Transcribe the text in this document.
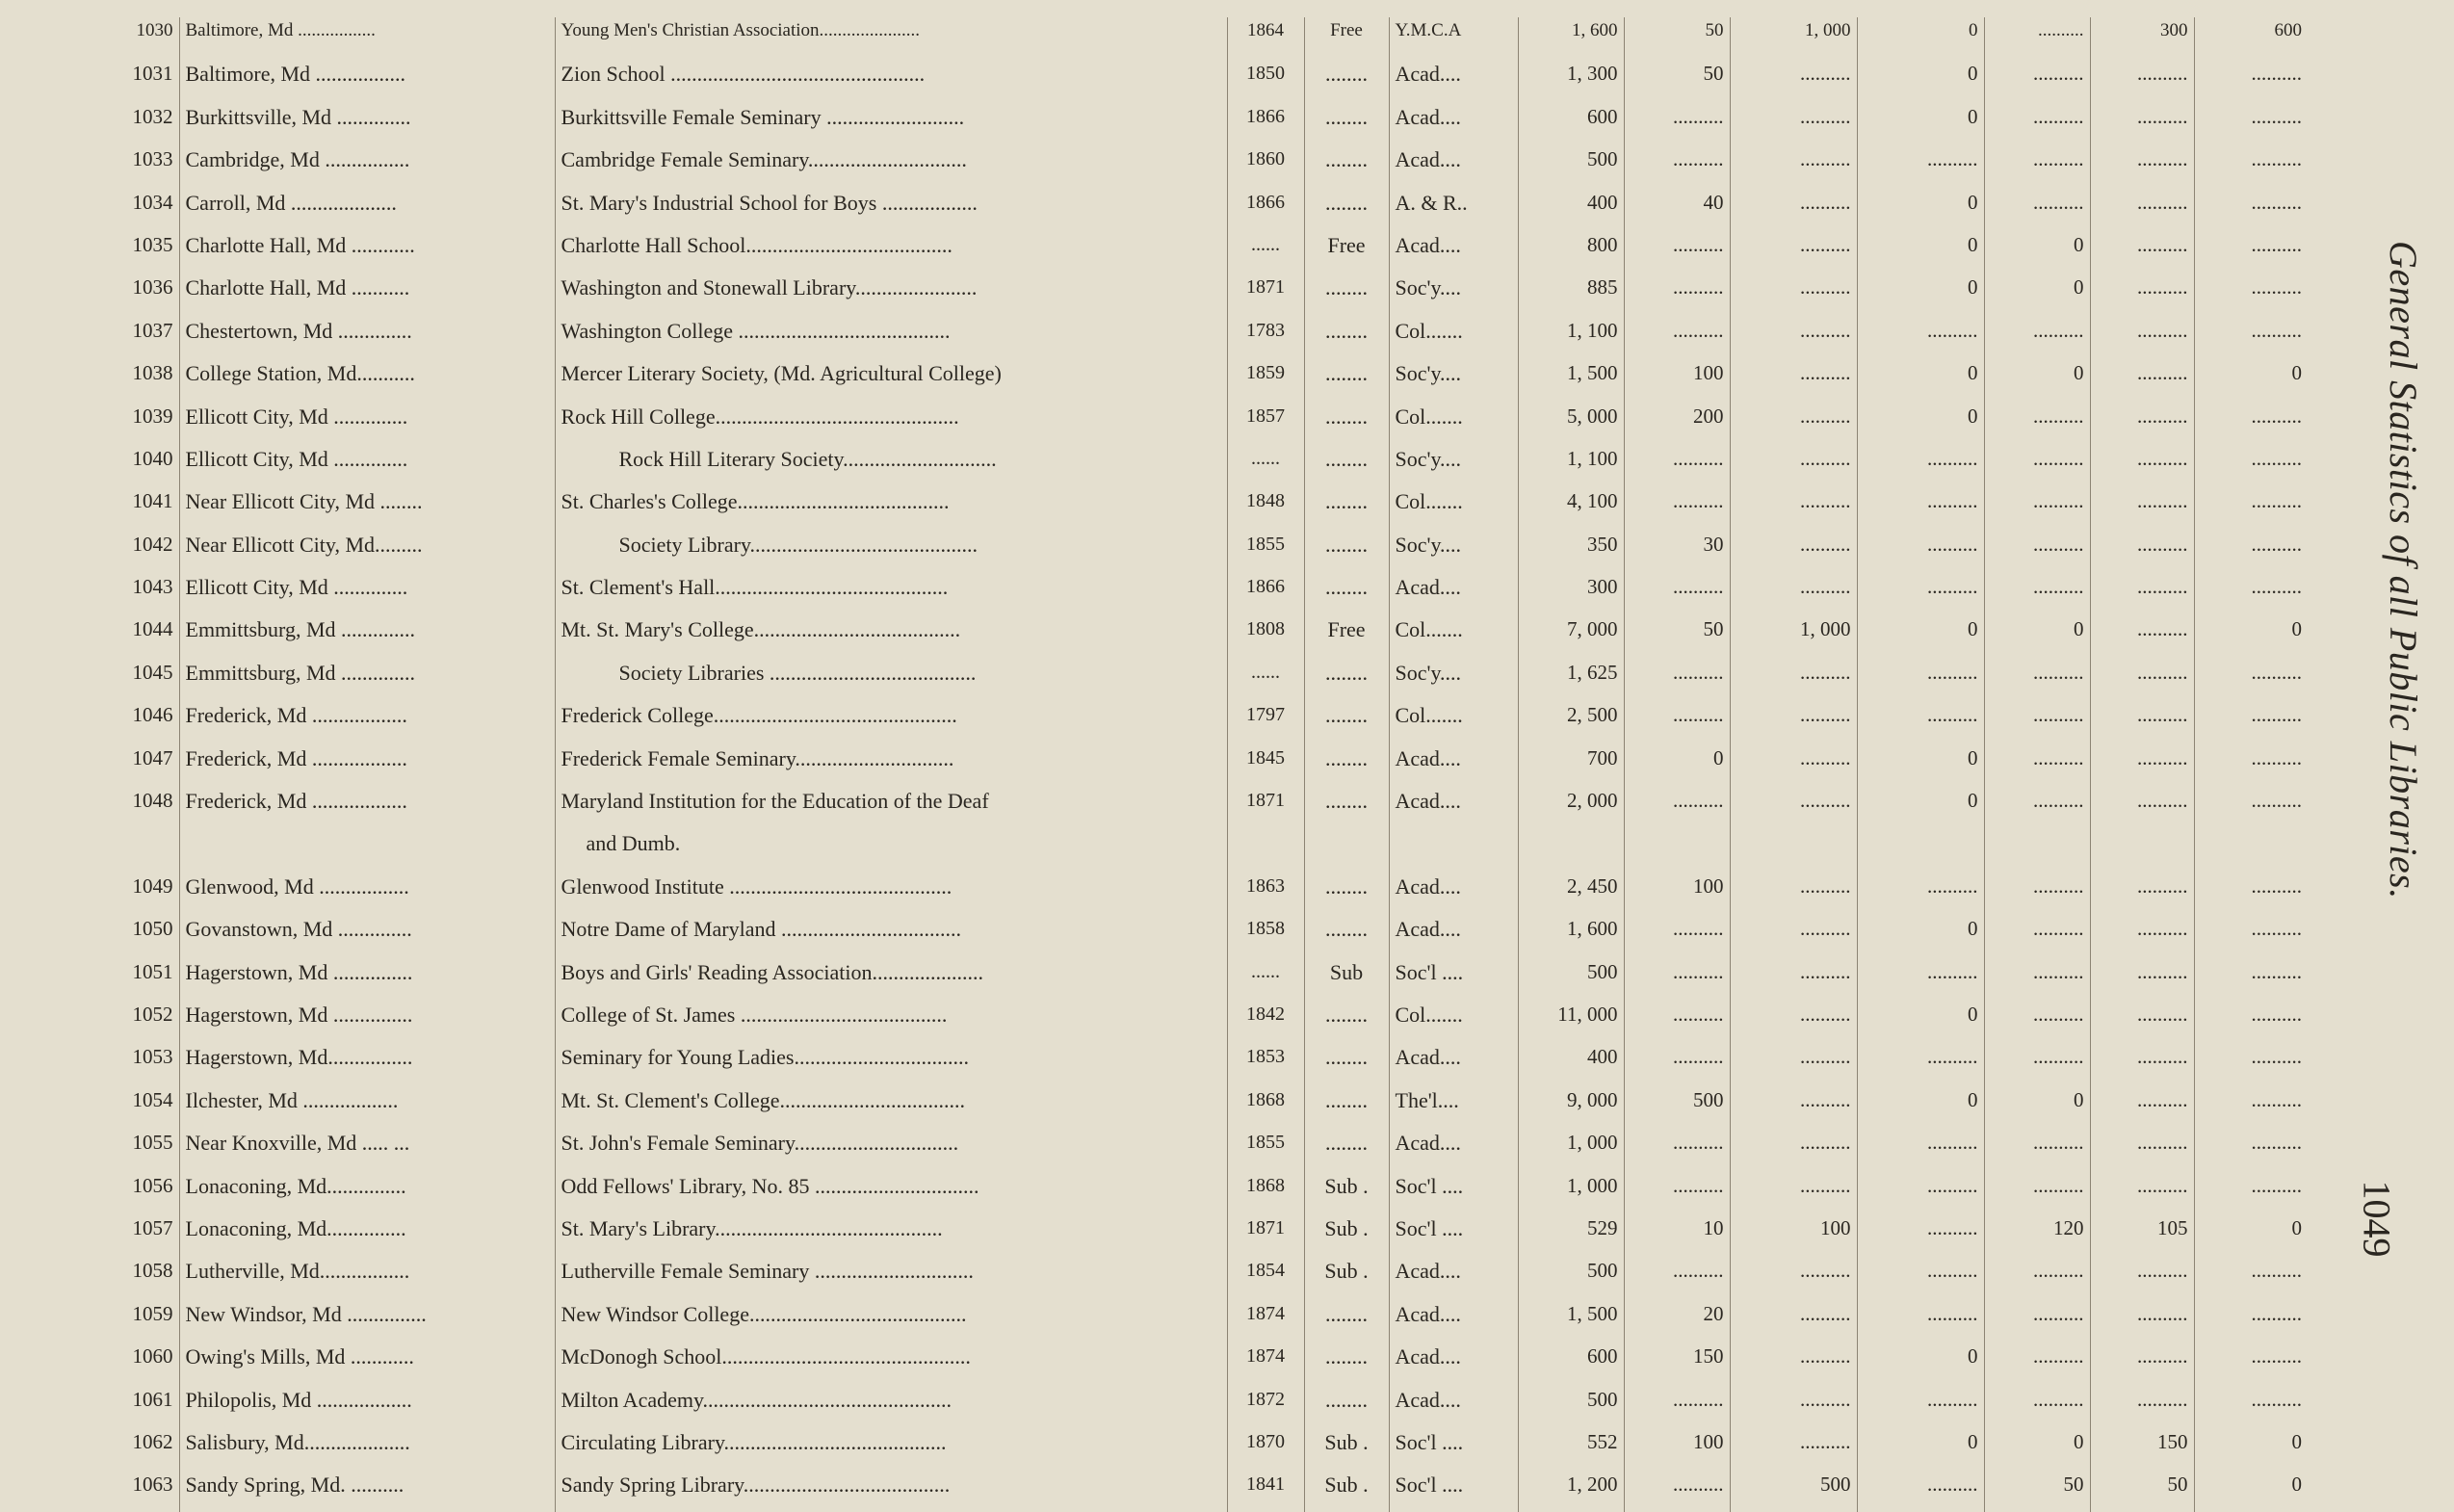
1030	Baltimore, Md .................	Young Men's Christian Association......................	1864	Free	Y.M.C.A	1, 600	50	1, 000	0	..........	300	600
1031	Baltimore, Md .................	Zion School ................................................	1850	........	Acad....	1, 300	50	..........	0	..........	..........	..........
1032	Burkittsville, Md ..............	Burkittsville Female Seminary ..........................	1866	........	Acad....	600	..........	..........	0	..........	..........	..........
1033	Cambridge, Md ................	Cambridge Female Seminary..............................	1860	........	Acad....	500	..........	..........	..........	..........	..........	..........
1034	Carroll, Md ....................	St. Mary's Industrial School for Boys ..................	1866	........	A. & R..	400	40	..........	0	..........	..........	..........
1035	Charlotte Hall, Md ............	Charlotte Hall School.......................................	......	Free	Acad....	800	..........	..........	0	0	..........	..........
1036	Charlotte Hall, Md ...........	Washington and Stonewall Library.......................	1871	........	Soc'y....	885	..........	..........	0	0	..........	..........
1037	Chestertown, Md ..............	Washington College ........................................	1783	........	Col.......	1, 100	..........	..........	..........	..........	..........	..........
1038	College Station, Md...........	Mercer Literary Society, (Md. Agricultural College)	1859	........	Soc'y....	1, 500	100	..........	0	0	..........	0
1039	Ellicott City, Md ..............	Rock Hill College..............................................	1857	........	Col.......	5, 000	200	..........	0	..........	..........	..........
1040	Ellicott City, Md ..............	Rock Hill Literary Society.............................	......	........	Soc'y....	1, 100	..........	..........	..........	..........	..........	..........
1041	Near Ellicott City, Md ........	St. Charles's College........................................	1848	........	Col.......	4, 100	..........	..........	..........	..........	..........	..........
1042	Near Ellicott City, Md.........	Society Library...........................................	1855	........	Soc'y....	350	30	..........	..........	..........	..........	..........
1043	Ellicott City, Md ..............	St. Clement's Hall............................................	1866	........	Acad....	300	..........	..........	..........	..........	..........	..........
1044	Emmittsburg, Md ..............	Mt. St. Mary's College.......................................	1808	Free	Col.......	7, 000	50	1, 000	0	0	..........	0
1045	Emmittsburg, Md ..............	Society Libraries .......................................	......	........	Soc'y....	1, 625	..........	..........	..........	..........	..........	..........
1046	Frederick, Md ..................	Frederick College..............................................	1797	........	Col.......	2, 500	..........	..........	..........	..........	..........	..........
1047	Frederick, Md ..................	Frederick Female Seminary..............................	1845	........	Acad....	700	0	..........	0	..........	..........	..........
1048	Frederick, Md ..................	Maryland Institution for the Education of the Deaf	1871	........	Acad....	2, 000	..........	..........	0	..........	..........	..........
		and Dumb.										
1049	Glenwood, Md .................	Glenwood Institute ..........................................	1863	........	Acad....	2, 450	100	..........	..........	..........	..........	..........
1050	Govanstown, Md ..............	Notre Dame of Maryland ..................................	1858	........	Acad....	1, 600	..........	..........	0	..........	..........	..........
1051	Hagerstown, Md ...............	Boys and Girls' Reading Association.....................	......	Sub	Soc'l ....	500	..........	..........	..........	..........	..........	..........
1052	Hagerstown, Md ...............	College of St. James .......................................	1842	........	Col.......	11, 000	..........	..........	0	..........	..........	..........
1053	Hagerstown, Md................	Seminary for Young Ladies.................................	1853	........	Acad....	400	..........	..........	..........	..........	..........	..........
1054	Ilchester, Md ..................	Mt. St. Clement's College...................................	1868	........	The'l....	9, 000	500	..........	0	0	..........	..........
1055	Near Knoxville, Md ..... ...	St. John's Female Seminary...............................	1855	........	Acad....	1, 000	..........	..........	..........	..........	..........	..........
1056	Lonaconing, Md...............	Odd Fellows' Library, No. 85 ...............................	1868	Sub .	Soc'l ....	1, 000	..........	..........	..........	..........	..........	..........
1057	Lonaconing, Md...............	St. Mary's Library...........................................	1871	Sub .	Soc'l ....	529	10	100	..........	120	105	0
1058	Lutherville, Md.................	Lutherville Female Seminary ..............................	1854	Sub .	Acad....	500	..........	..........	..........	..........	..........	..........
1059	New Windsor, Md ...............	New Windsor College.........................................	1874	........	Acad....	1, 500	20	..........	..........	..........	..........	..........
1060	Owing's Mills, Md ............	McDonogh School...............................................	1874	........	Acad....	600	150	..........	0	..........	..........	..........
1061	Philopolis, Md ..................	Milton Academy...............................................	1872	........	Acad....	500	..........	..........	..........	..........	..........	..........
1062	Salisbury, Md....................	Circulating Library..........................................	1870	Sub .	Soc'l ....	552	100	..........	0	0	150	0
1063	Sandy Spring, Md. ..........	Sandy Spring Library.......................................	1841	Sub .	Soc'l ....	1, 200	..........	500	..........	50	50	0
General Statistics of all Public Libraries.
1049
